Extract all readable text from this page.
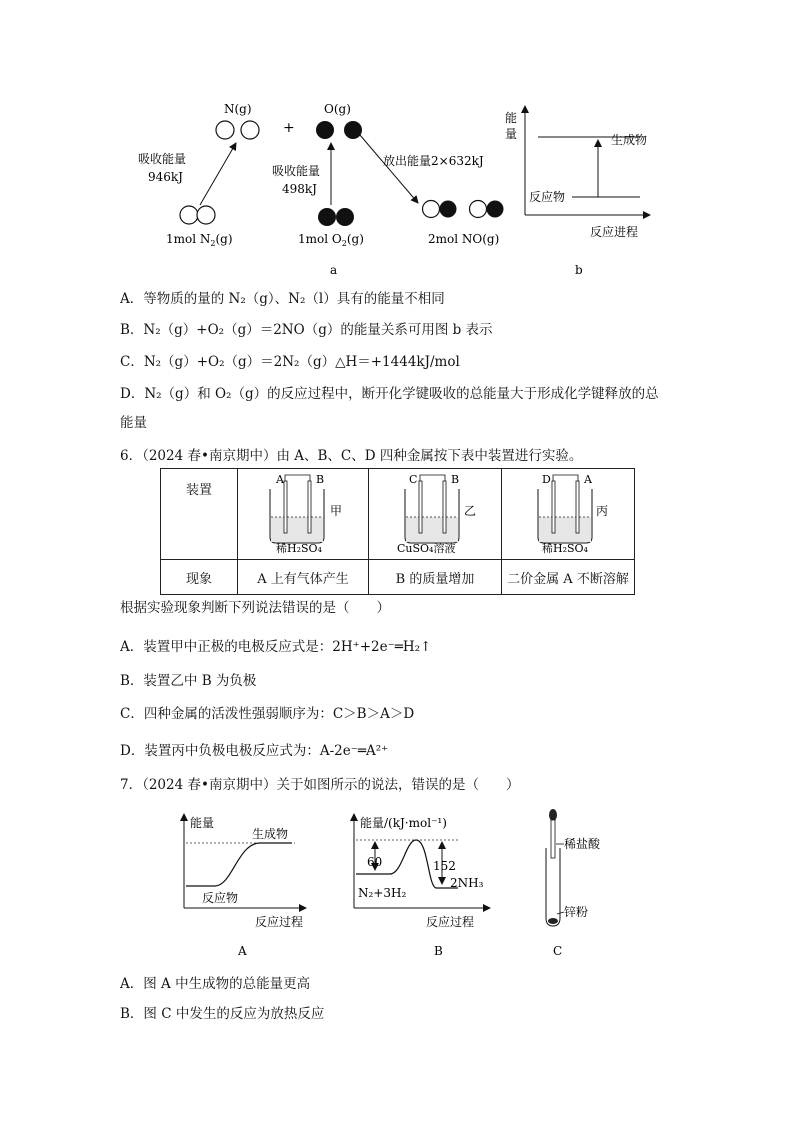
N(g)
+
O(g)
吸收能量
946kJ	吸收能量
498kJ
放出能量2×632kJ
1mol $N_2(g)$	1mol $O_2(g)$	2mol NO(g)
a
能
量	生成物
反应物
反应进程
b
A．等物质的量的 N₂（g）、N₂（l）具有的能量不相同
B．N₂（g）+O₂（g）＝2NO（g）的能量关系可用图 b 表示
C．N₂（g）+O₂（g）＝2N₂（g）△H＝+1444kJ/mol
D．N₂（g）和 O₂（g）的反应过程中，断开化学键吸收的总能量大于形成化学键释放的总
能量
6．（2024 春•南京期中）由 A、B、C、D 四种金属按下表中装置进行实验。
装置	A B
甲
稀H₂SO₄	C B
乙
CuSO₄溶液	D A
丙
稀H₂SO₄

现象	A 上有气体产生	B 的质量增加	二价金属 A 不断溶解
根据实验现象判断下列说法错误的是（　　）
A．装置甲中正极的电极反应式是：2H⁺+2e⁻═H₂↑
B．装置乙中 B 为负极
C．四种金属的活泼性强弱顺序为：C＞B＞A＞D
D．装置丙中负极电极反应式为：A-2e⁻═A²⁺
7．（2024 春•南京期中）关于如图所示的说法，错误的是（　　）
能量
生成物
反应物
反应过程
A
能量/(kJ·mol⁻¹)
60	152
N₂+3H₂
2NH₃
反应过程
B
稀盐酸
锌粉
C
A．图 A 中生成物的总能量更高
B．图 C 中发生的反应为放热反应
